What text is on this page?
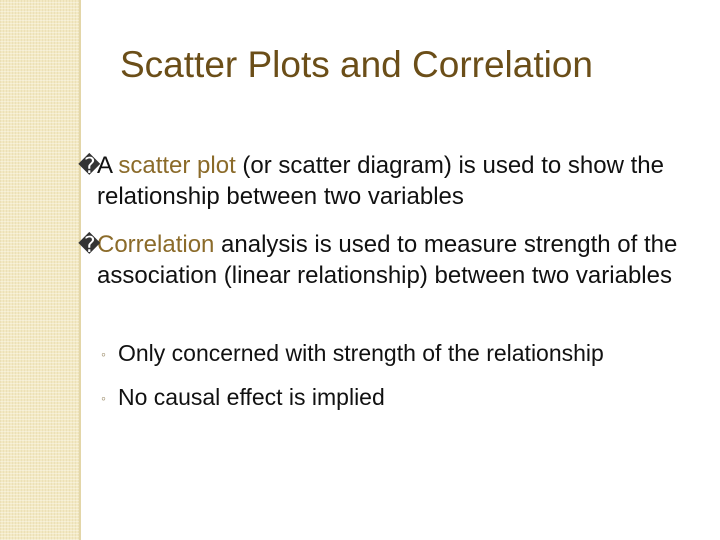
Scatter Plots and Correlation
�
A scatter plot (or scatter diagram) is used to show the relationship between two variables
�
Correlation analysis is used to measure strength of the association (linear relationship) between two variables
◦ Only concerned with strength of the relationship
◦ No causal effect is implied
